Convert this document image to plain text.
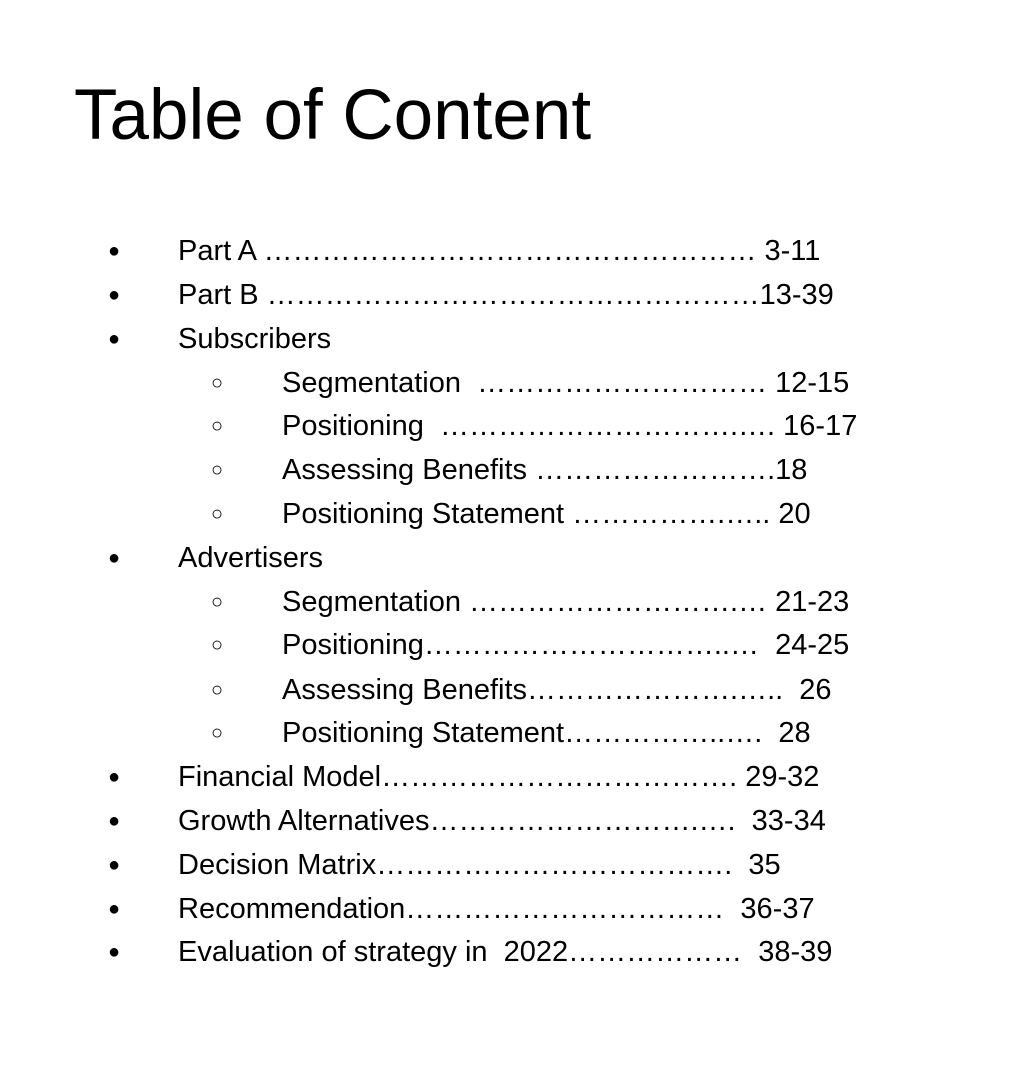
Table of Content

●

Part A …………………………………………… 3-11

●

Part B ……………………………………………13-39

●

Subscribers

○

Segmentation  ………………………… 12-15

○

Positioning  ………………………….…. 16-17

○

Assessing Benefits …………………….18

○

Positioning Statement …………….….. 20

●

Advertisers

○

Segmentation ……………………….… 21-23

○

Positioning…………………………..…  24-25

○

Assessing Benefits………………….…..  26

○

Positioning Statement……………..….  28

●

Financial Model………………………………. 29-32

●

Growth Alternatives……………………….….  33-34

●

Decision Matrix……………………………….  35

●

Recommendation……………………………  36-37

●

Evaluation of strategy in  2022………………  38-39
